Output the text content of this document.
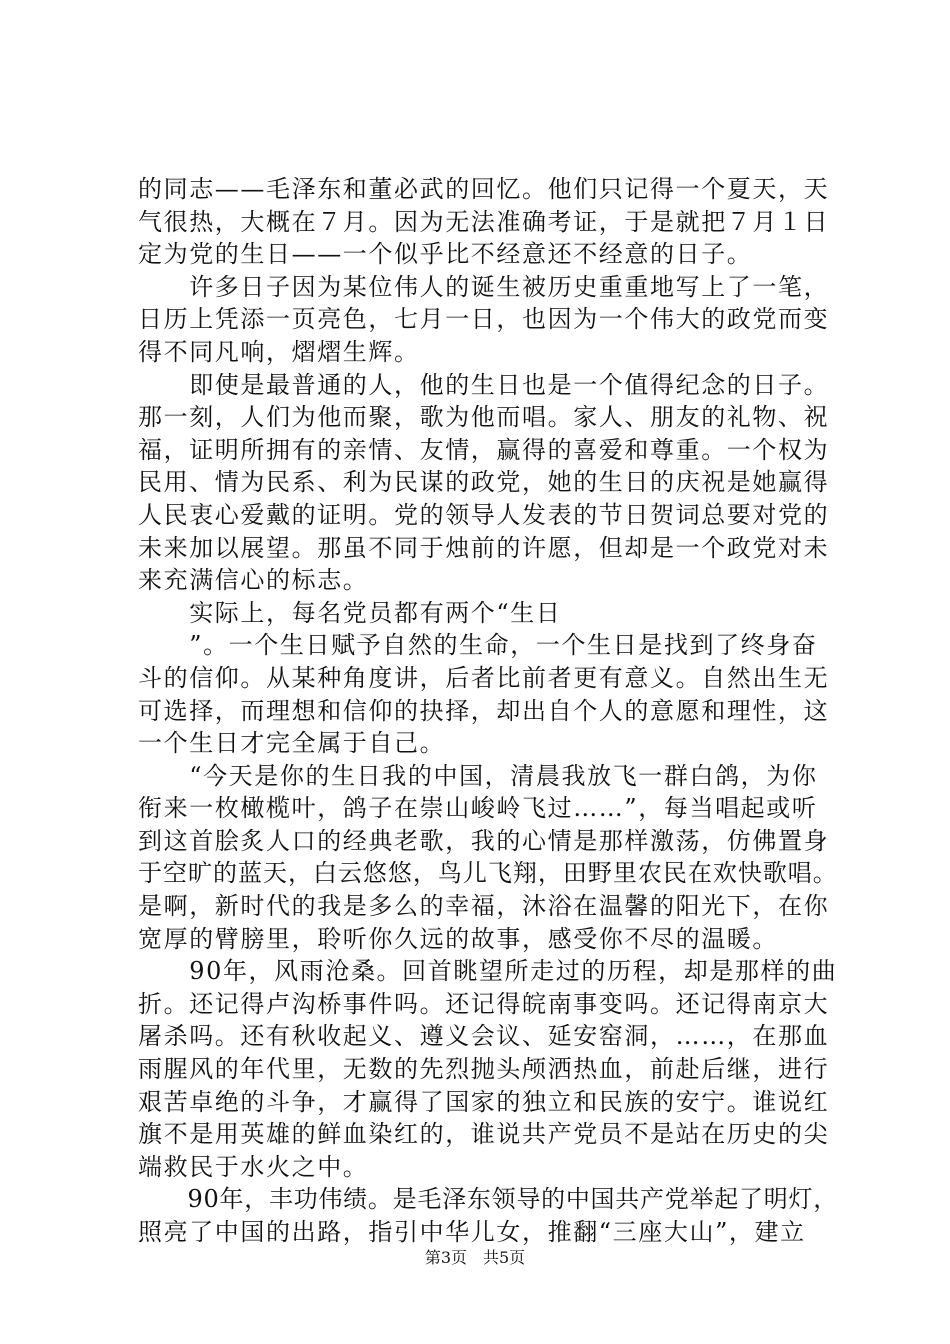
的同志——毛泽东和董必武的回忆。他们只记得一个夏天，天
气很热，大概在７月。因为无法准确考证，于是就把７月１日
定为党的生日——一个似乎比不经意还不经意的日子。
　　许多日子因为某位伟人的诞生被历史重重地写上了一笔，
日历上凭添一页亮色，七月一日，也因为一个伟大的政党而变
得不同凡响，熠熠生辉。
　　即使是最普通的人，他的生日也是一个值得纪念的日子。
那一刻，人们为他而聚，歌为他而唱。家人、朋友的礼物、祝
福，证明所拥有的亲情、友情，赢得的喜爱和尊重。一个权为
民用、情为民系、利为民谋的政党，她的生日的庆祝是她赢得
人民衷心爱戴的证明。党的领导人发表的节日贺词总要对党的
未来加以展望。那虽不同于烛前的许愿，但却是一个政党对未
来充满信心的标志。
　　实际上，每名党员都有两个“生日
　　”。一个生日赋予自然的生命，一个生日是找到了终身奋
斗的信仰。从某种角度讲，后者比前者更有意义。自然出生无
可选择，而理想和信仰的抉择，却出自个人的意愿和理性，这
一个生日才完全属于自己。
　　“今天是你的生日我的中国，清晨我放飞一群白鸽，为你
衔来一枚橄榄叶，鸽子在崇山峻岭飞过……”，每当唱起或听
到这首脍炙人口的经典老歌，我的心情是那样激荡，仿佛置身
于空旷的蓝天，白云悠悠，鸟儿飞翔，田野里农民在欢快歌唱。
是啊，新时代的我是多么的幸福，沐浴在温馨的阳光下，在你
宽厚的臂膀里，聆听你久远的故事，感受你不尽的温暖。
　　90年，风雨沧桑。回首眺望所走过的历程，却是那样的曲
折。还记得卢沟桥事件吗。还记得皖南事变吗。还记得南京大
屠杀吗。还有秋收起义、遵义会议、延安窑洞，……，在那血
雨腥风的年代里，无数的先烈抛头颅洒热血，前赴后继，进行
艰苦卓绝的斗争，才赢得了国家的独立和民族的安宁。谁说红
旗不是用英雄的鲜血染红的，谁说共产党员不是站在历史的尖
端救民于水火之中。
　　90年，丰功伟绩。是毛泽东领导的中国共产党举起了明灯，
照亮了中国的出路，指引中华儿女，推翻“三座大山”，建立
第3页　共5页
